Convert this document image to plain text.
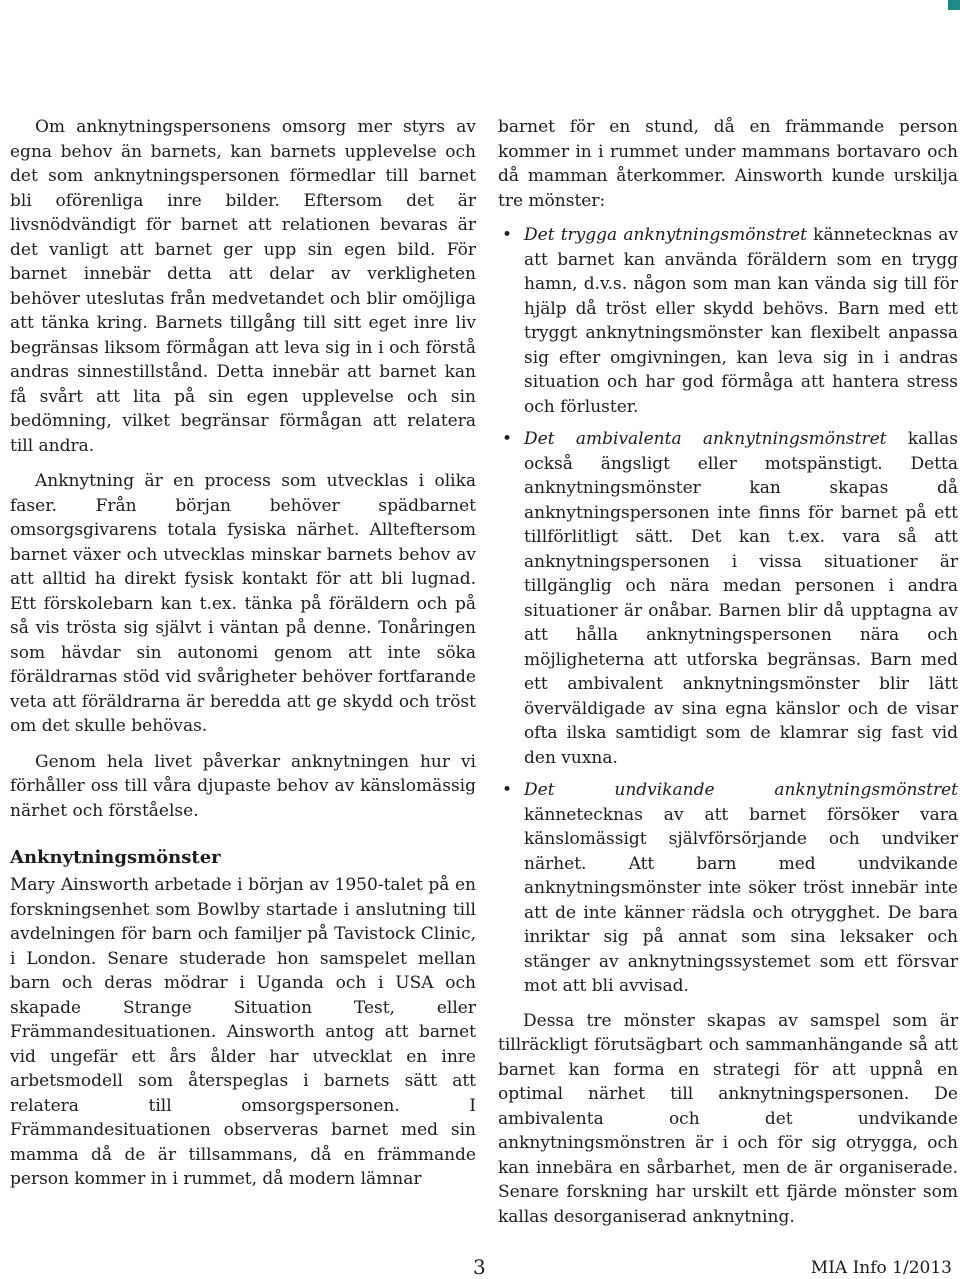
Om anknytningspersonens omsorg mer styrs av egna behov än barnets, kan barnets upplevelse och det som anknytningspersonen förmedlar till barnet bli oförenliga inre bilder. Eftersom det är livsnödvändigt för barnet att relationen bevaras är det vanligt att barnet ger upp sin egen bild. För barnet innebär detta att delar av verkligheten behöver uteslutas från medvetandet och blir omöjliga att tänka kring. Barnets tillgång till sitt eget inre liv begränsas liksom förmågan att leva sig in i och förstå andras sinnestillstånd. Detta innebär att barnet kan få svårt att lita på sin egen upplevelse och sin bedömning, vilket begränsar förmågan att relatera till andra.

Anknytning är en process som utvecklas i olika faser. Från början behöver spädbarnet omsorgsgivarens totala fysiska närhet. Allteftersom barnet växer och utvecklas minskar barnets behov av att alltid ha direkt fysisk kontakt för att bli lugnad. Ett förskolebarn kan t.ex. tänka på föräldern och på så vis trösta sig självt i väntan på denne. Tonåringen som hävdar sin autonomi genom att inte söka föräldrarnas stöd vid svårigheter behöver fortfarande veta att föräldrarna är beredda att ge skydd och tröst om det skulle behövas.

Genom hela livet påverkar anknytningen hur vi förhåller oss till våra djupaste behov av känslomässig närhet och förståelse.

Anknytningsmönster

Mary Ainsworth arbetade i början av 1950-talet på en forskningsenhet som Bowlby startade i anslutning till avdelningen för barn och familjer på Tavistock Clinic, i London. Senare studerade hon samspelet mellan barn och deras mödrar i Uganda och i USA och skapade Strange Situation Test, eller Främmandesituationen. Ainsworth antog att barnet vid ungefär ett års ålder har utvecklat en inre arbetsmodell som återspeglas i barnets sätt att relatera till omsorgspersonen. I Främmandesituationen observeras barnet med sin mamma då de är tillsammans, då en främmande person kommer in i rummet, då modern lämnar

barnet för en stund, då en främmande person kommer in i rummet under mammans bortavaro och då mamman återkommer. Ainsworth kunde urskilja tre mönster:

• Det trygga anknytningsmönstret kännetecknas av att barnet kan använda föräldern som en trygg hamn, d.v.s. någon som man kan vända sig till för hjälp då tröst eller skydd behövs. Barn med ett tryggt anknytningsmönster kan flexibelt anpassa sig efter omgivningen, kan leva sig in i andras situation och har god förmåga att hantera stress och förluster.
• Det ambivalenta anknytningsmönstret kallas också ängsligt eller motspänstigt. Detta anknytningsmönster kan skapas då anknytningspersonen inte finns för barnet på ett tillförlitligt sätt. Det kan t.ex. vara så att anknytningspersonen i vissa situationer är tillgänglig och nära medan personen i andra situationer är onåbar. Barnen blir då upptagna av att hålla anknytningspersonen nära och möjligheterna att utforska begränsas. Barn med ett ambivalent anknytningsmönster blir lätt överväldigade av sina egna känslor och de visar ofta ilska samtidigt som de klamrar sig fast vid den vuxna.
• Det undvikande anknytningsmönstret kännetecknas av att barnet försöker vara känslomässigt självförsörjande och undviker närhet. Att barn med undvikande anknytningsmönster inte söker tröst innebär inte att de inte känner rädsla och otrygghet. De bara inriktar sig på annat som sina leksaker och stänger av anknytningssystemet som ett försvar mot att bli avvisad.

Dessa tre mönster skapas av samspel som är tillräckligt förutsägbart och sammanhängande så att barnet kan forma en strategi för att uppnå en optimal närhet till anknytningspersonen. De ambivalenta och det undvikande anknytningsmönstren är i och för sig otrygga, och kan innebära en sårbarhet, men de är organiserade. Senare forskning har urskilt ett fjärde mönster som kallas desorganiserad anknytning.

3	MIA Info 1/2013
